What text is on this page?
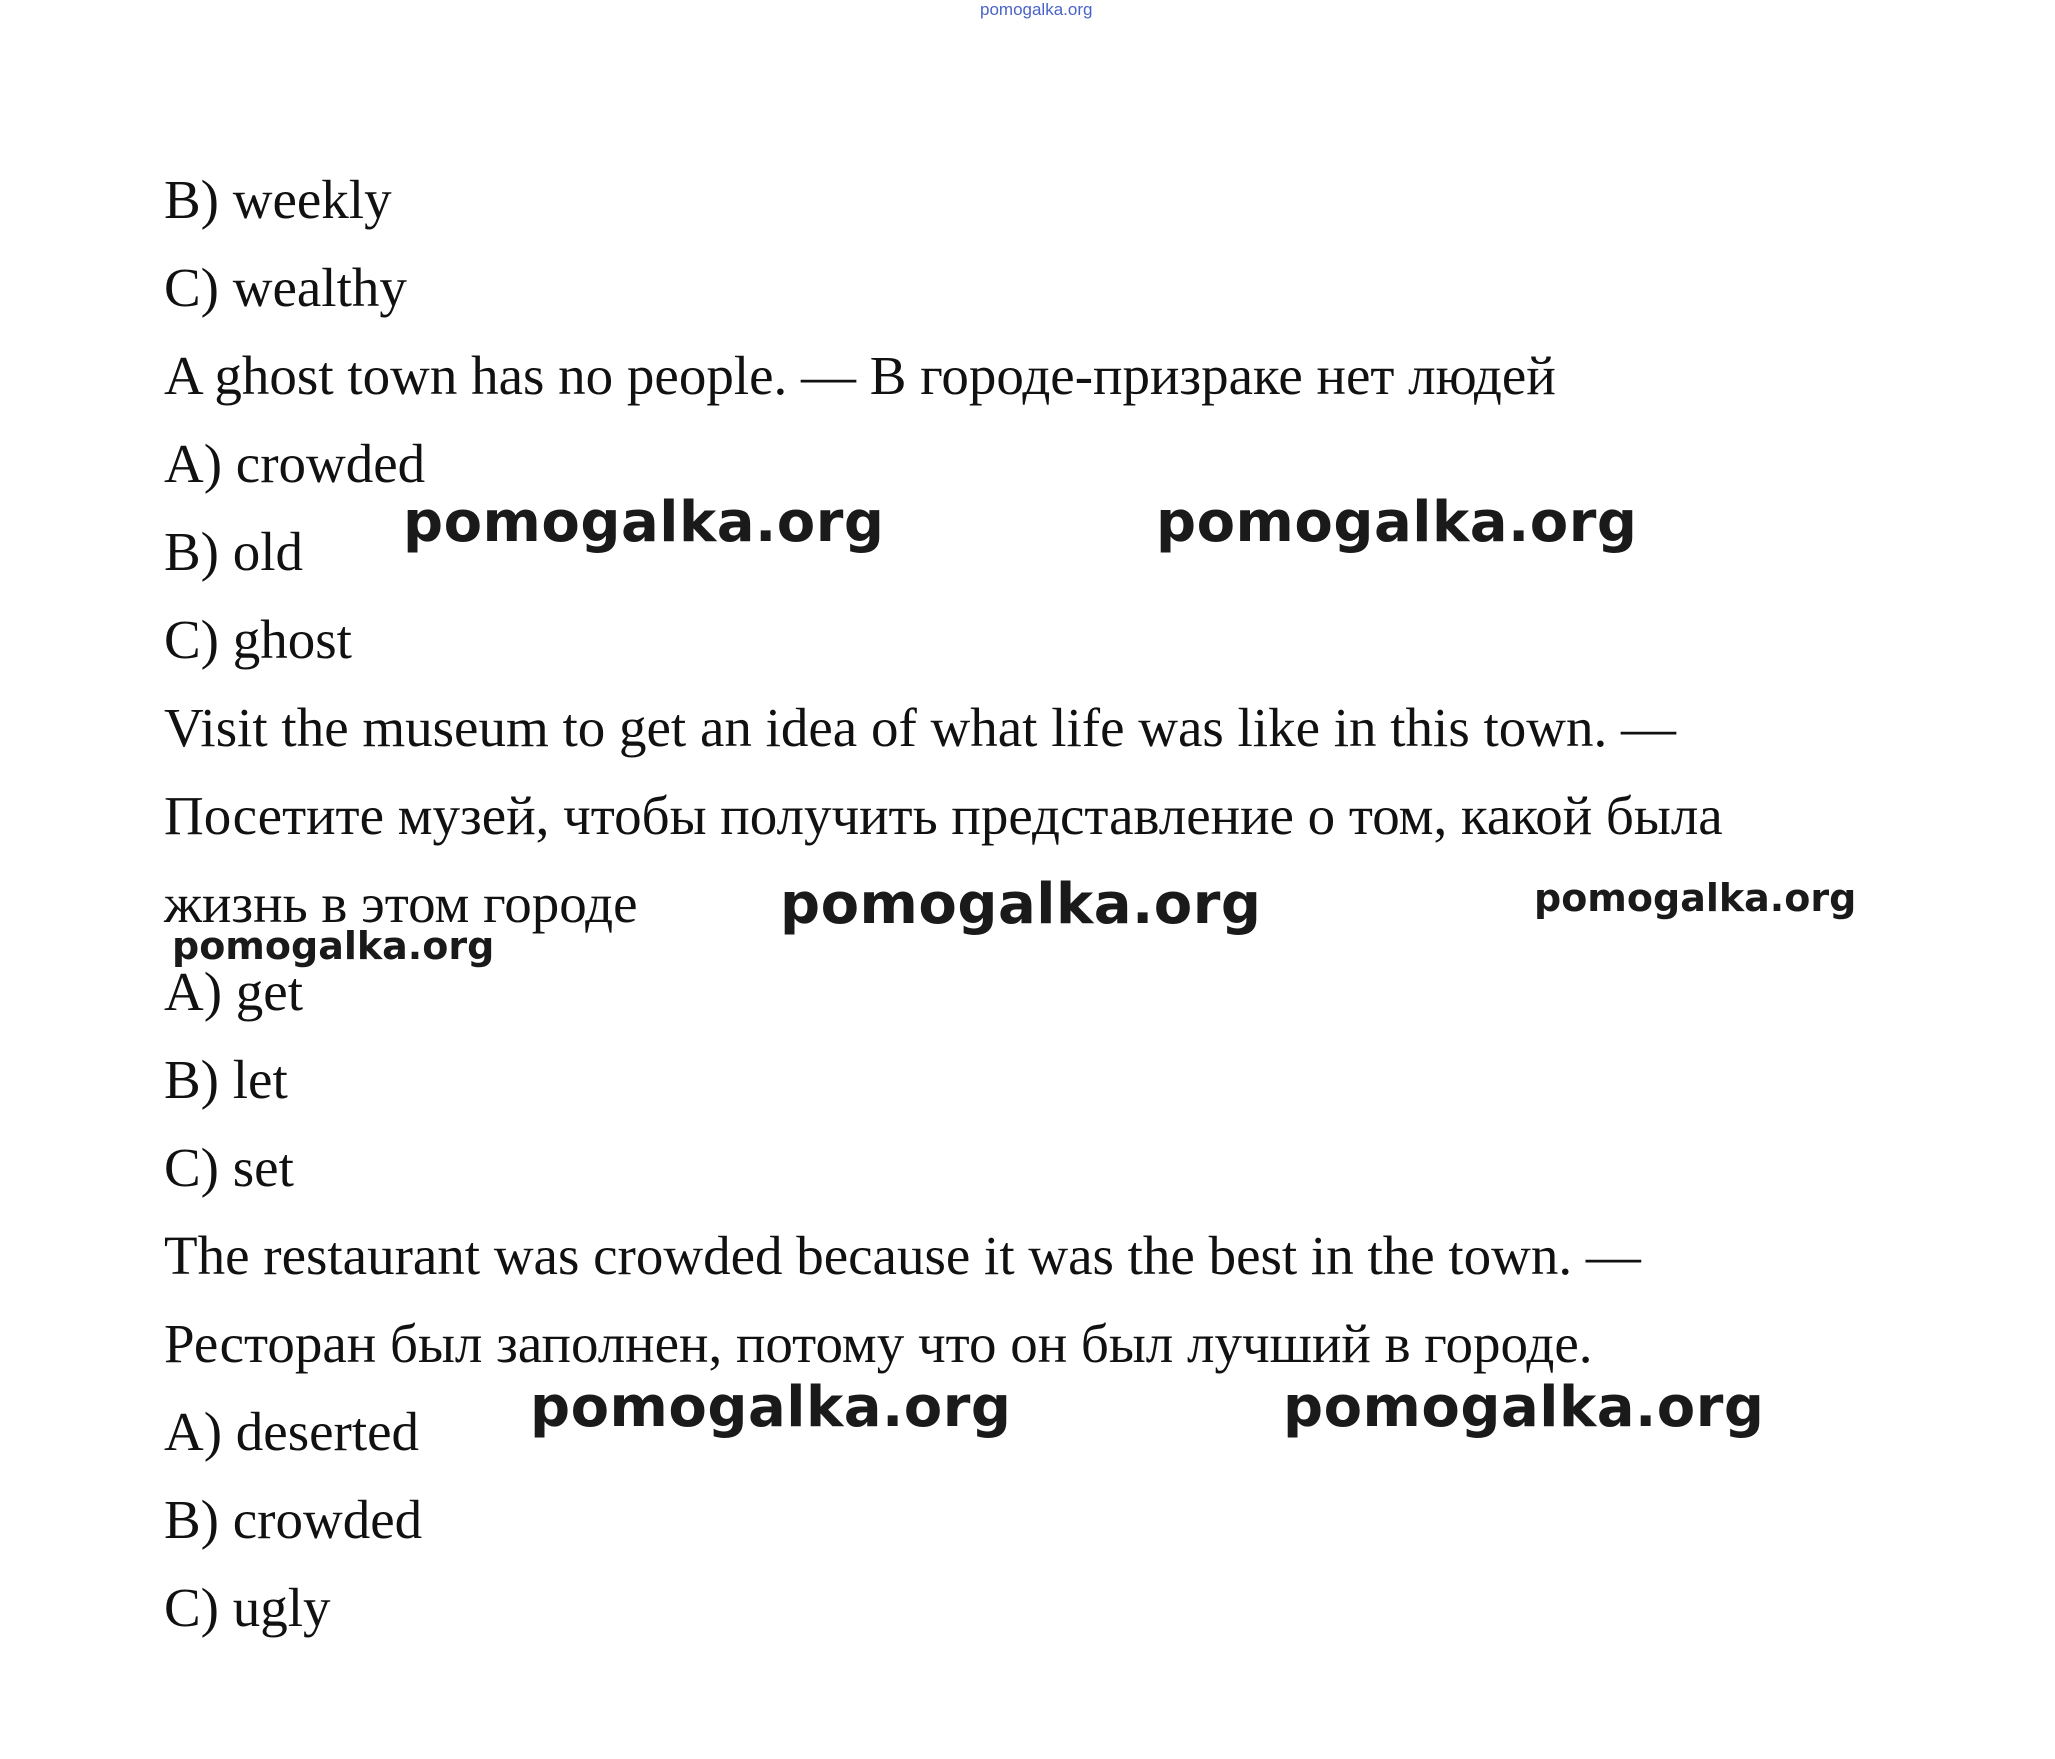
pomogalka.org
B) weekly
C) wealthy
A ghost town has no people. — В городе-призраке нет людей
A) crowded
B) old
C) ghost
Visit the museum to get an idea of what life was like in this town. —
Посетите музей, чтобы получить представление о том, какой была
жизнь в этом городе
A) get
B) let
C) set
The restaurant was crowded because it was the best in the town. —
Ресторан был заполнен, потому что он был лучший в городе.
A) deserted
B) crowded
C) ugly
pomogalka.org	pomogalka.org
pomogalka.org	pomogalka.org
pomogalka.org
pomogalka.org	pomogalka.org
